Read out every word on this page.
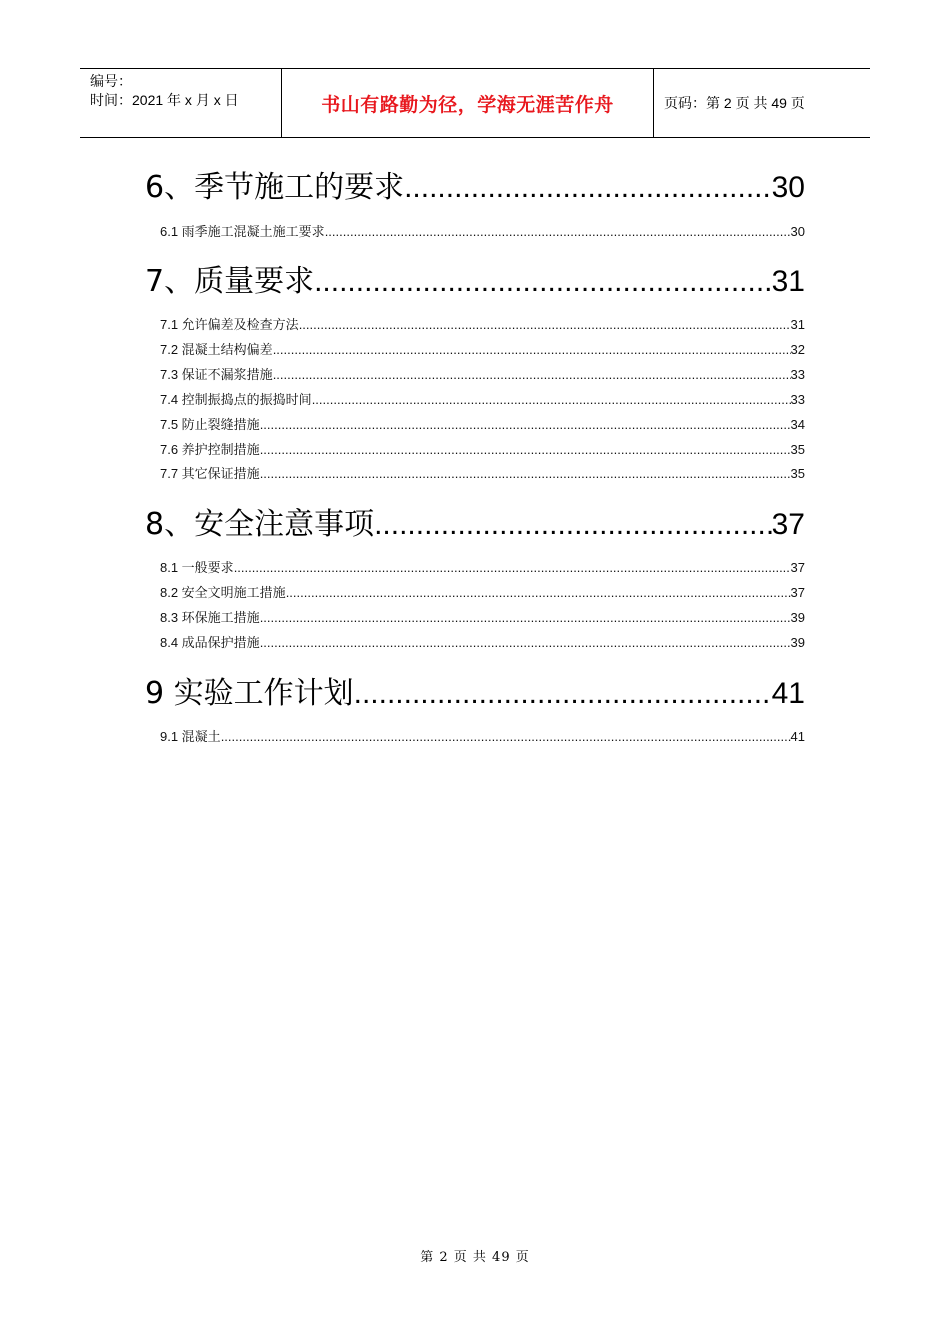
编号：
时间：2021 年 x 月 x 日	书山有路勤为径，学海无涯苦作舟	页码：第 2 页 共 49 页
6、季节施工的要求 .....	30
6.1 雨季施工混凝土施工要求 .....	30
7、质量要求 .....	31
7.1 允许偏差及检查方法 .....	31
7.2 混凝土结构偏差 .....	32
7.3 保证不漏浆措施 .....	33
7.4 控制振捣点的振捣时间 .....	33
7.5 防止裂缝措施 .....	34
7.6 养护控制措施 .....	35
7.7 其它保证措施 .....	35
8、安全注意事项 .....	37
8.1 一般要求 .....	37
8.2 安全文明施工措施 .....	37
8.3 环保施工措施 .....	39
8.4 成品保护措施 .....	39
9 实验工作计划 .....	41
9.1 混凝土 .....	41
第 2 页 共 49 页
